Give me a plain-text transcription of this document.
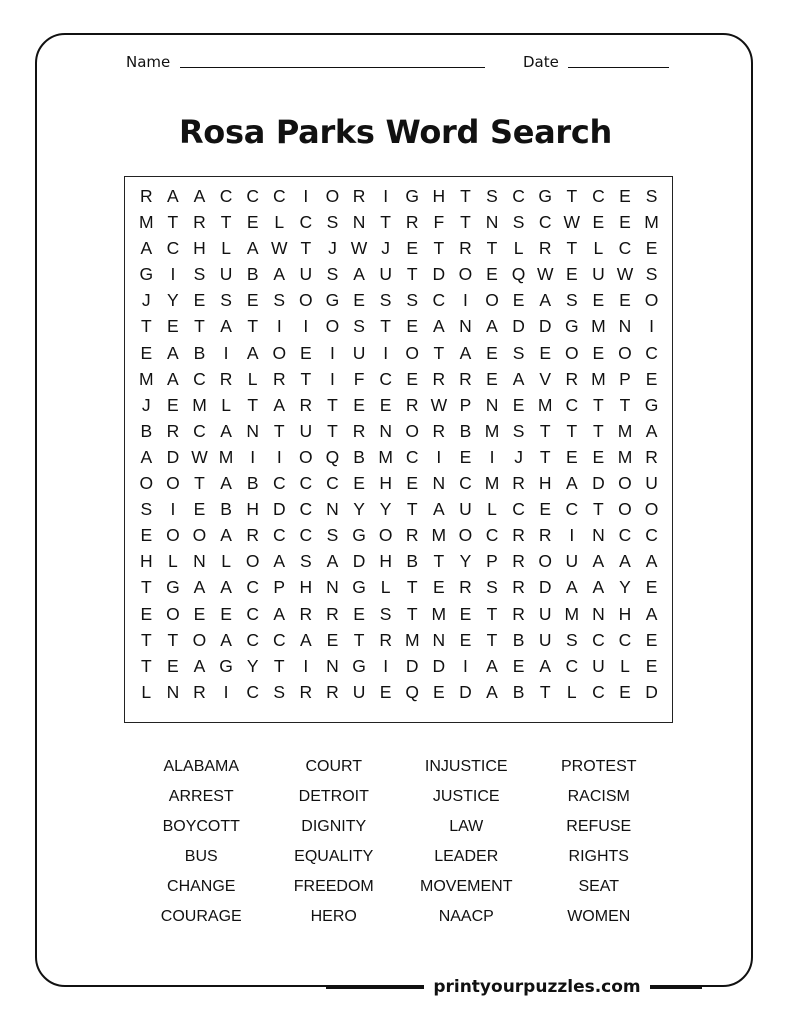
Name	Date
Rosa Parks Word Search
R A A C C C	I O R	I G H T S C G T C E S
M T R T E L C S N T R F T N S C W E E M
A C H L A W T J W J E T R T L R T L C E
G I	S U B A U S A U T D O E Q W E U W S
J Y E S E S O G E S S C	I O E A S E E O
T E T A T	I	I O S T E A N A D D G M N	I
E A B	I	A O E	I	U	I O T A E S E O E O C
M A C R L R T	I	F C E R R E A V R M P E
J E M L T A R T E E R W P N E M C T T G
B R C A N T U T R N O R B M S T T T M A
A D W M I	I O Q B M C	I	E	I	J T E E M R
O O T A B C C C E H E N C M R H A D O U
S	I	E B H D C N Y Y T A U L C E C T O O
E O O A R C C S G O R M O C R R	I	N C C
H L N L O A S A D H B T Y P R O U A A A
T G A A C P H N G L T E R S R D A A Y E
E O E E C A R R E S T M E T R U M N H A
T T O A C C A E T R M N E T B U S C C E
T E A G Y T	I	N G I	D D	I	A E A C U L E
L N R	I	C S R R U E Q E D A B T L C E D
ALABAMA	COURT	INJUSTICE	PROTEST
ARREST	DETROIT	JUSTICE	RACISM
BOYCOTT	DIGNITY	LAW	REFUSE
BUS	EQUALITY	LEADER	RIGHTS
CHANGE	FREEDOM	MOVEMENT	SEAT
COURAGE	HERO	NAACP	WOMEN
printyourpuzzles.com
